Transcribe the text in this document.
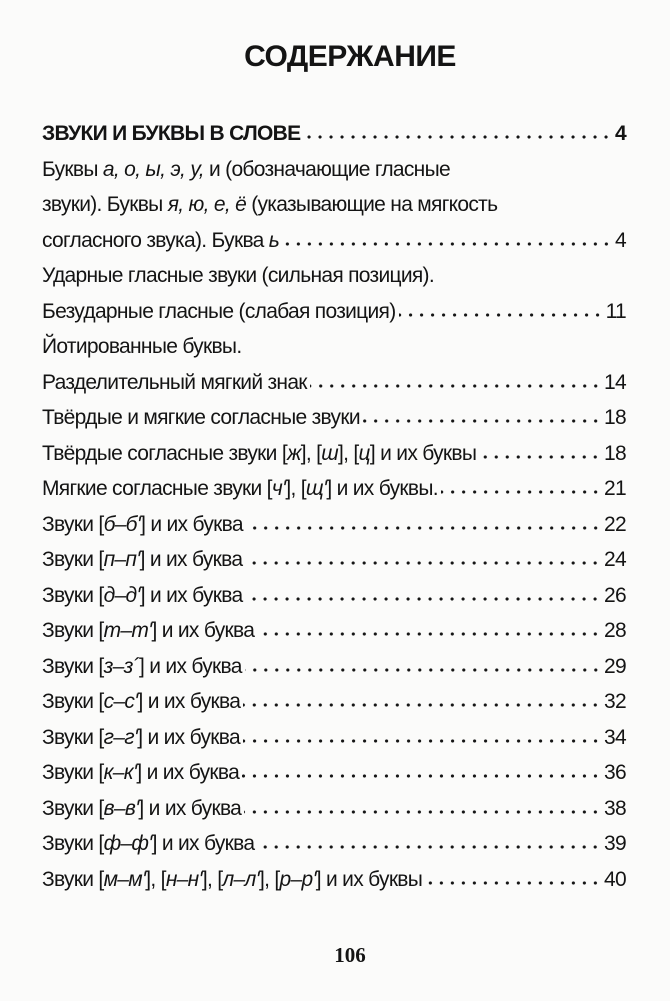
СОДЕРЖАНИЕ
ЗВУКИ И БУКВЫ В СЛОВЕ	4
Буквы а, о, ы, э, у, и (обозначающие гласные
звуки). Буквы я, ю, е, ё (указывающие на мягкость
согласного звука). Буква ь	4
Ударные гласные звуки (сильная позиция).
Безударные гласные (слабая позиция)	11
Йотированные буквы.
Разделительный мягкий знак	14
Твёрдые и мягкие согласные звуки	18
Твёрдые согласные звуки [ж], [ш], [ц] и их буквы	18
Мягкие согласные звуки [ч'], [щ'] и их буквы.	21
Звуки [б–б'] и их буква	22
Звуки [п–п'] и их буква	24
Звуки [д–д'] и их буква	26
Звуки [т–т'] и их буква	28
Звуки [з–з´] и их буква	29
Звуки [с–с'] и их буква	32
Звуки [г–г'] и их буква	34
Звуки [к–к'] и их буква	36
Звуки [в–в'] и их буква	38
Звуки [ф–ф'] и их буква	39
Звуки [м–м'], [н–н'], [л–л'], [р–р'] и их буквы	40
106
